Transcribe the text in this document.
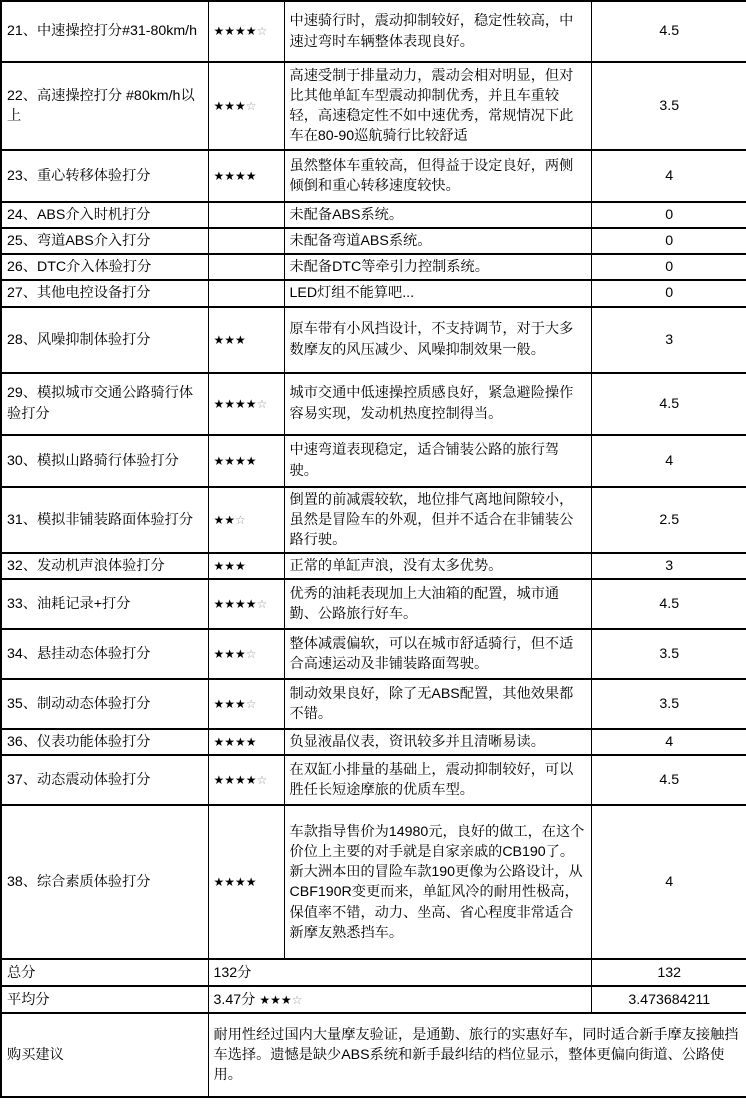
21、中速操控打分#31-80km/h	★★★★☆	中速骑行时，震动抑制较好，稳定性较高，中速过弯时车辆整体表现良好。	4.5
22、高速操控打分 #80km/h以上	★★★☆	高速受制于排量动力，震动会相对明显，但对比其他单缸车型震动抑制优秀，并且车重较轻，高速稳定性不如中速优秀，常规情况下此车在80-90巡航骑行比较舒适	3.5
23、重心转移体验打分	★★★★	虽然整体车重较高，但得益于设定良好，两侧倾倒和重心转移速度较快。	4
24、ABS介入时机打分		未配备ABS系统。	0
25、弯道ABS介入打分		未配备弯道ABS系统。	0
26、DTC介入体验打分		未配备DTC等牵引力控制系统。	0
27、其他电控设备打分		LED灯组不能算吧...	0
28、风噪抑制体验打分	★★★	原车带有小风挡设计，不支持调节，对于大多数摩友的风压减少、风噪抑制效果一般。	3
29、模拟城市交通公路骑行体验打分	★★★★☆	城市交通中低速操控质感良好，紧急避险操作容易实现，发动机热度控制得当。	4.5
30、模拟山路骑行体验打分	★★★★	中速弯道表现稳定，适合铺装公路的旅行驾驶。	4
31、模拟非铺装路面体验打分	★★☆	倒置的前减震较软，地位排气离地间隙较小，虽然是冒险车的外观，但并不适合在非铺装公路行驶。	2.5
32、发动机声浪体验打分	★★★	正常的单缸声浪，没有太多优势。	3
33、油耗记录+打分	★★★★☆	优秀的油耗表现加上大油箱的配置，城市通勤、公路旅行好车。	4.5
34、悬挂动态体验打分	★★★☆	整体减震偏软，可以在城市舒适骑行，但不适合高速运动及非铺装路面驾驶。	3.5
35、制动动态体验打分	★★★☆	制动效果良好，除了无ABS配置，其他效果都不错。	3.5
36、仪表功能体验打分	★★★★	负显液晶仪表，资讯较多并且清晰易读。	4
37、动态震动体验打分	★★★★☆	在双缸小排量的基础上，震动抑制较好，可以胜任长短途摩旅的优质车型。	4.5
38、综合素质体验打分	★★★★	车款指导售价为14980元，良好的做工，在这个价位上主要的对手就是自家亲戚的CB190了。新大洲本田的冒险车款190更像为公路设计，从CBF190R变更而来，单缸风冷的耐用性极高，保值率不错，动力、坐高、省心程度非常适合新摩友熟悉挡车。	4
总分	132分		132
平均分	3.47分 ★★★☆		3.473684211
购买建议	耐用性经过国内大量摩友验证，是通勤、旅行的实惠好车，同时适合新手摩友接触挡车选择。遗憾是缺少ABS系统和新手最纠结的档位显示，整体更偏向街道、公路使用。		
